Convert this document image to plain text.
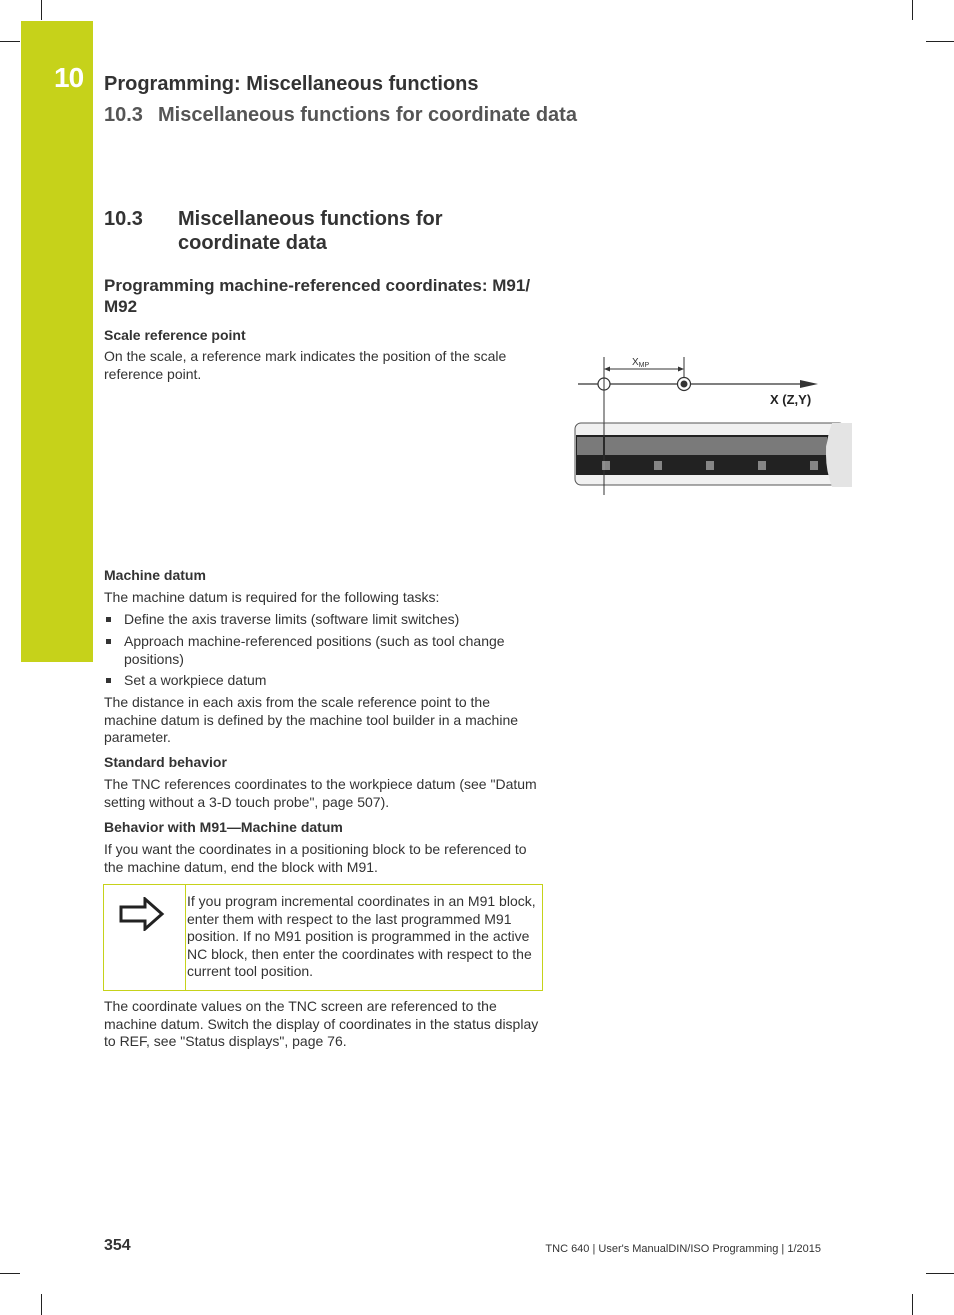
10 Programming: Miscellaneous functions
10.3 Miscellaneous functions for coordinate data
10.3 Miscellaneous functions for coordinate data
Programming machine-referenced coordinates: M91/ M92
Scale reference point
On the scale, a reference mark indicates the position of the scale reference point.
$X_{MP}$
X (Z,Y)
Machine datum
The machine datum is required for the following tasks:
Define the axis traverse limits (software limit switches)
Approach machine-referenced positions (such as tool change positions)
Set a workpiece datum
The distance in each axis from the scale reference point to the machine datum is defined by the machine tool builder in a machine parameter.
Standard behavior
The TNC references coordinates to the workpiece datum (see "Datum setting without a 3-D touch probe", page 507).
Behavior with M91—Machine datum
If you want the coordinates in a positioning block to be referenced to the machine datum, end the block with M91.
If you program incremental coordinates in an M91 block, enter them with respect to the last programmed M91 position. If no M91 position is programmed in the active NC block, then enter the coordinates with respect to the current tool position.
The coordinate values on the TNC screen are referenced to the machine datum. Switch the display of coordinates in the status display to REF, see "Status displays", page 76.
354	TNC 640 | User's ManualDIN/ISO Programming | 1/2015
